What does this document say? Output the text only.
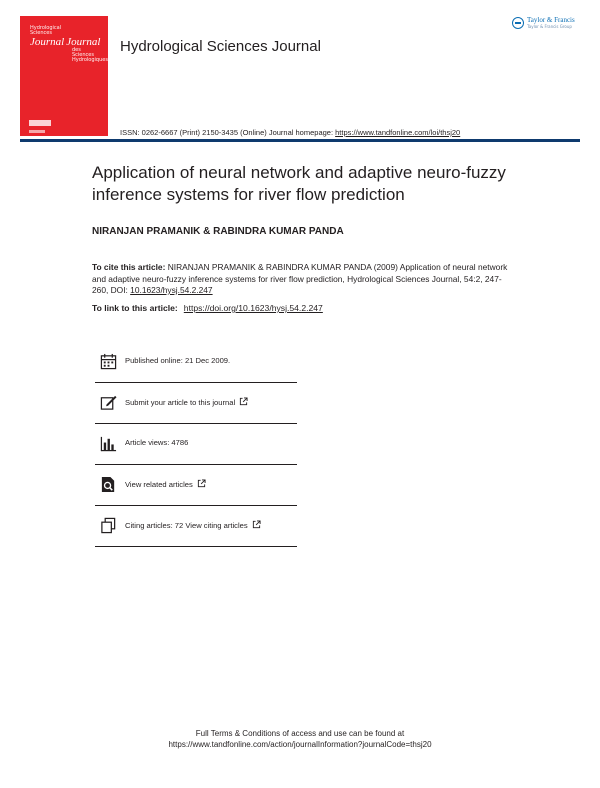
Hydrological
Sciences
Journal Journal
des Sciences
Hydrologiques
Hydrological Sciences Journal
Taylor & Francis
Taylor & Francis Group
ISSN: 0262-6667 (Print) 2150-3435 (Online) Journal homepage: https://www.tandfonline.com/loi/thsj20
Application of neural network and adaptive neuro-fuzzy inference systems for river flow prediction
NIRANJAN PRAMANIK & RABINDRA KUMAR PANDA
To cite this article: NIRANJAN PRAMANIK & RABINDRA KUMAR PANDA (2009) Application of neural network and adaptive neuro-fuzzy inference systems for river flow prediction, Hydrological Sciences Journal, 54:2, 247-260, DOI: 10.1623/hysj.54.2.247
To link to this article: https://doi.org/10.1623/hysj.54.2.247
Published online: 21 Dec 2009.
Submit your article to this journal
Article views: 4786
View related articles
Citing articles: 72 View citing articles
Full Terms & Conditions of access and use can be found at
https://www.tandfonline.com/action/journalInformation?journalCode=thsj20
